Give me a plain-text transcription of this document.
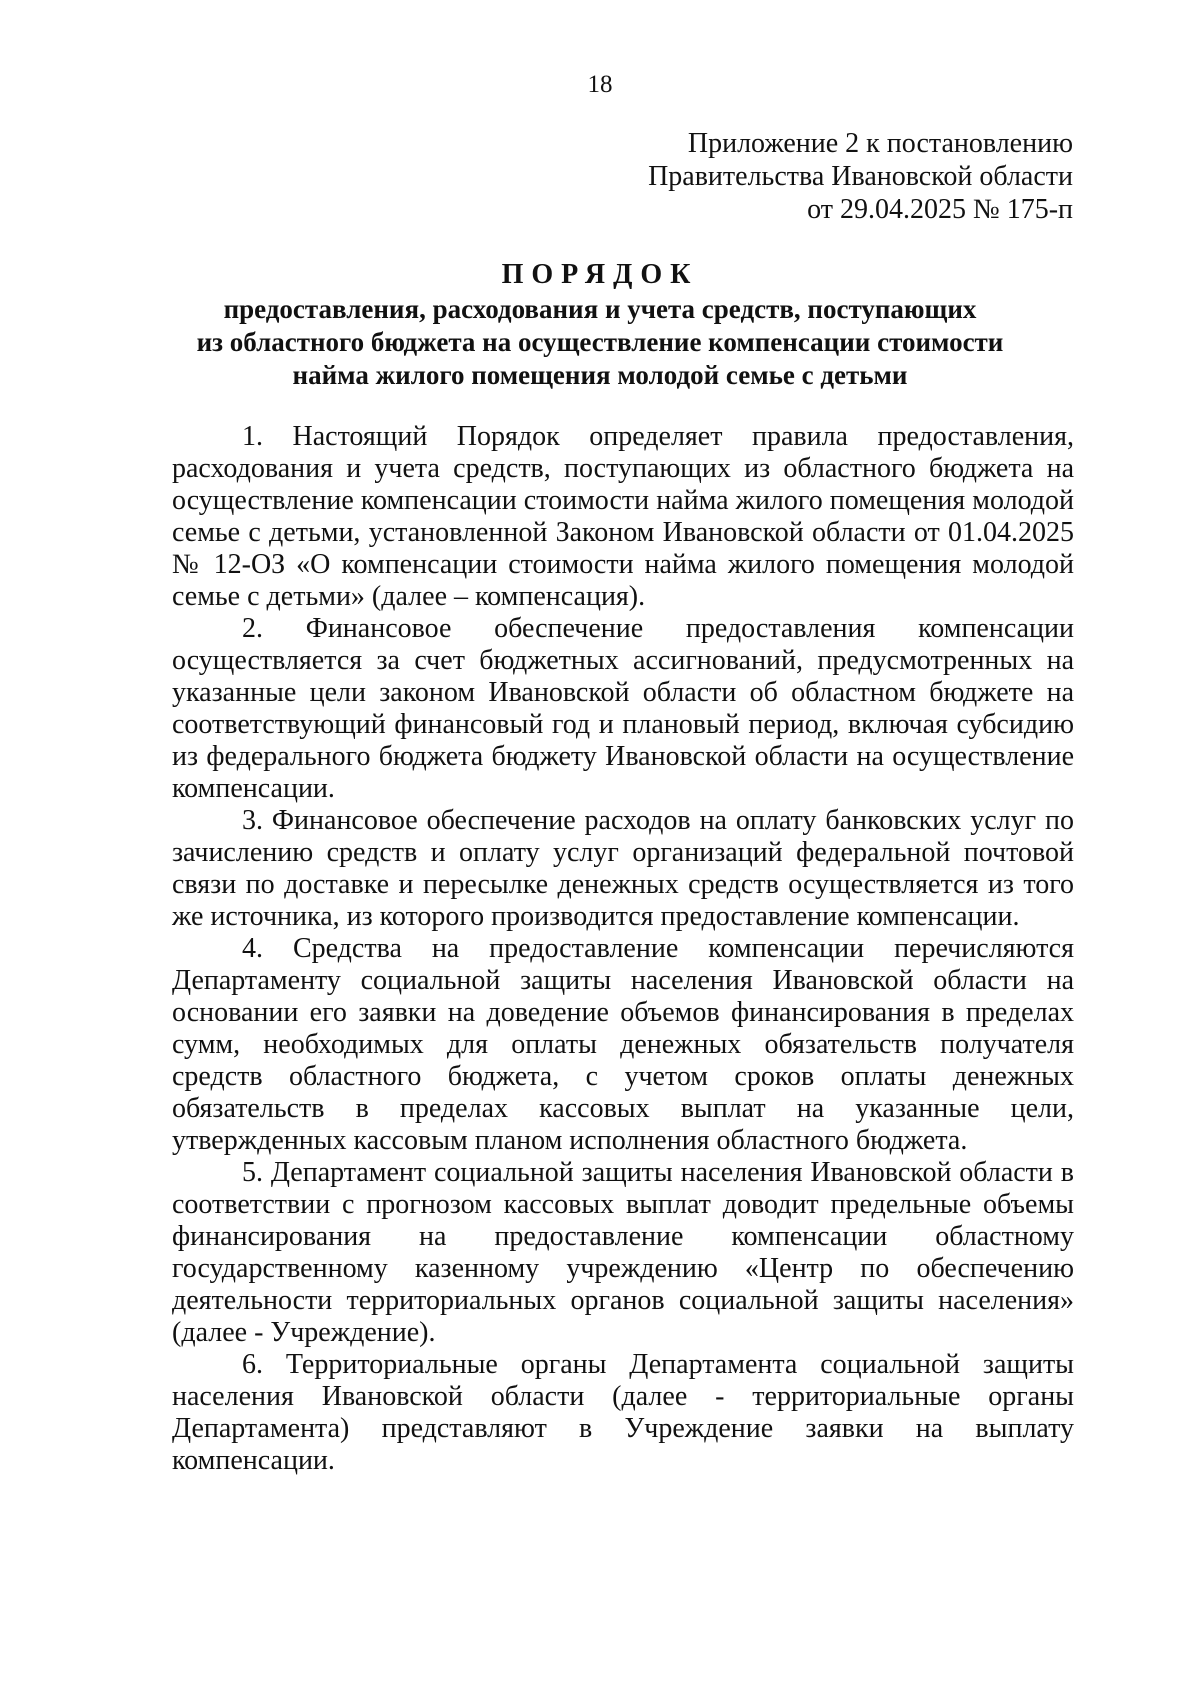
18
Приложение 2 к постановлению
Правительства Ивановской области
от 29.04.2025 № 175-п
ПОРЯДОК
предоставления, расходования и учета средств, поступающих
из областного бюджета на осуществление компенсации стоимости
найма жилого помещения молодой семье с детьми

1. Настоящий Порядок определяет правила предоставления, расходования и учета средств, поступающих из областного бюджета на осуществление компенсации стоимости найма жилого помещения молодой семье с детьми, установленной Законом Ивановской области от 01.04.2025 № 12-ОЗ «О компенсации стоимости найма жилого помещения молодой семье с детьми» (далее – компенсация).

2. Финансовое обеспечение предоставления компенсации осуществляется за счет бюджетных ассигнований, предусмотренных на указанные цели законом Ивановской области об областном бюджете на соответствующий финансовый год и плановый период, включая субсидию из федерального бюджета бюджету Ивановской области на осуществление компенсации.

3. Финансовое обеспечение расходов на оплату банковских услуг по зачислению средств и оплату услуг организаций федеральной почтовой связи по доставке и пересылке денежных средств осуществляется из того же источника, из которого производится предоставление компенсации.

4. Средства на предоставление компенсации перечисляются Департаменту социальной защиты населения Ивановской области на основании его заявки на доведение объемов финансирования в пределах сумм, необходимых для оплаты денежных обязательств получателя средств областного бюджета, с учетом сроков оплаты денежных обязательств в пределах кассовых выплат на указанные цели, утвержденных кассовым планом исполнения областного бюджета.

5. Департамент социальной защиты населения Ивановской области в соответствии с прогнозом кассовых выплат доводит предельные объемы финансирования на предоставление компенсации областному государственному казенному учреждению «Центр по обеспечению деятельности территориальных органов социальной защиты населения» (далее - Учреждение).

6. Территориальные органы Департамента социальной защиты населения Ивановской области (далее - территориальные органы Департамента) представляют в Учреждение заявки на выплату компенсации.
